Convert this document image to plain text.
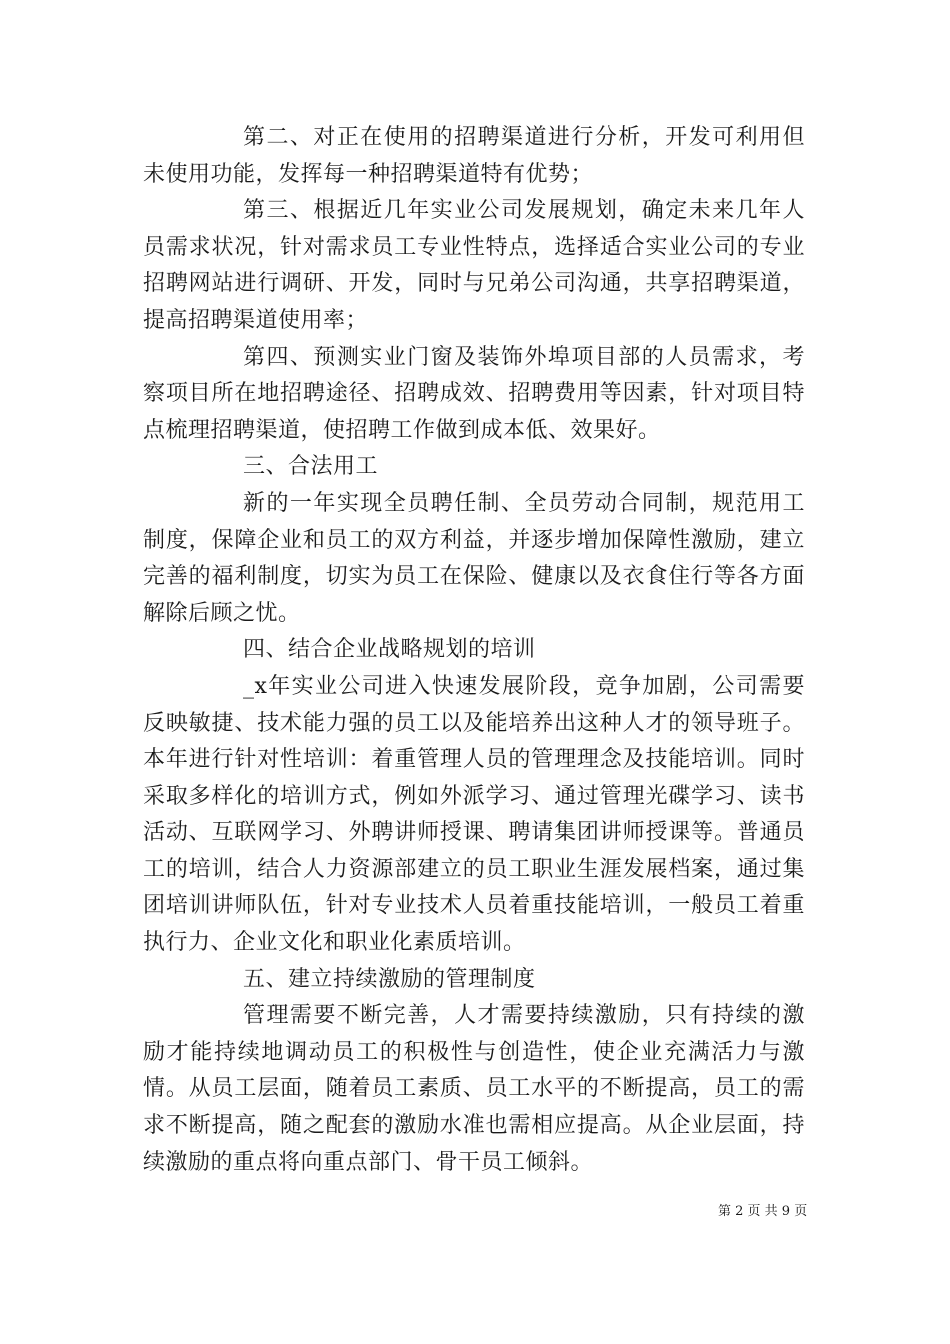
第二、对正在使用的招聘渠道进行分析，开发可利用但未使用功能，发挥每一种招聘渠道特有优势；

第三、根据近几年实业公司发展规划，确定未来几年人员需求状况，针对需求员工专业性特点，选择适合实业公司的专业招聘网站进行调研、开发，同时与兄弟公司沟通，共享招聘渠道，提高招聘渠道使用率；

第四、预测实业门窗及装饰外埠项目部的人员需求，考察项目所在地招聘途径、招聘成效、招聘费用等因素，针对项目特点梳理招聘渠道，使招聘工作做到成本低、效果好。

三、合法用工

新的一年实现全员聘任制、全员劳动合同制，规范用工制度，保障企业和员工的双方利益，并逐步增加保障性激励，建立完善的福利制度，切实为员工在保险、健康以及衣食住行等各方面解除后顾之忧。

四、结合企业战略规划的培训

_x年实业公司进入快速发展阶段，竞争加剧，公司需要反映敏捷、技术能力强的员工以及能培养出这种人才的领导班子。本年进行针对性培训：着重管理人员的管理理念及技能培训。同时采取多样化的培训方式，例如外派学习、通过管理光碟学习、读书活动、互联网学习、外聘讲师授课、聘请集团讲师授课等。普通员工的培训，结合人力资源部建立的员工职业生涯发展档案，通过集团培训讲师队伍，针对专业技术人员着重技能培训，一般员工着重执行力、企业文化和职业化素质培训。

五、建立持续激励的管理制度

管理需要不断完善，人才需要持续激励，只有持续的激励才能持续地调动员工的积极性与创造性，使企业充满活力与激情。从员工层面，随着员工素质、员工水平的不断提高，员工的需求不断提高，随之配套的激励水准也需相应提高。从企业层面，持续激励的重点将向重点部门、骨干员工倾斜。

第 2 页 共 9 页
